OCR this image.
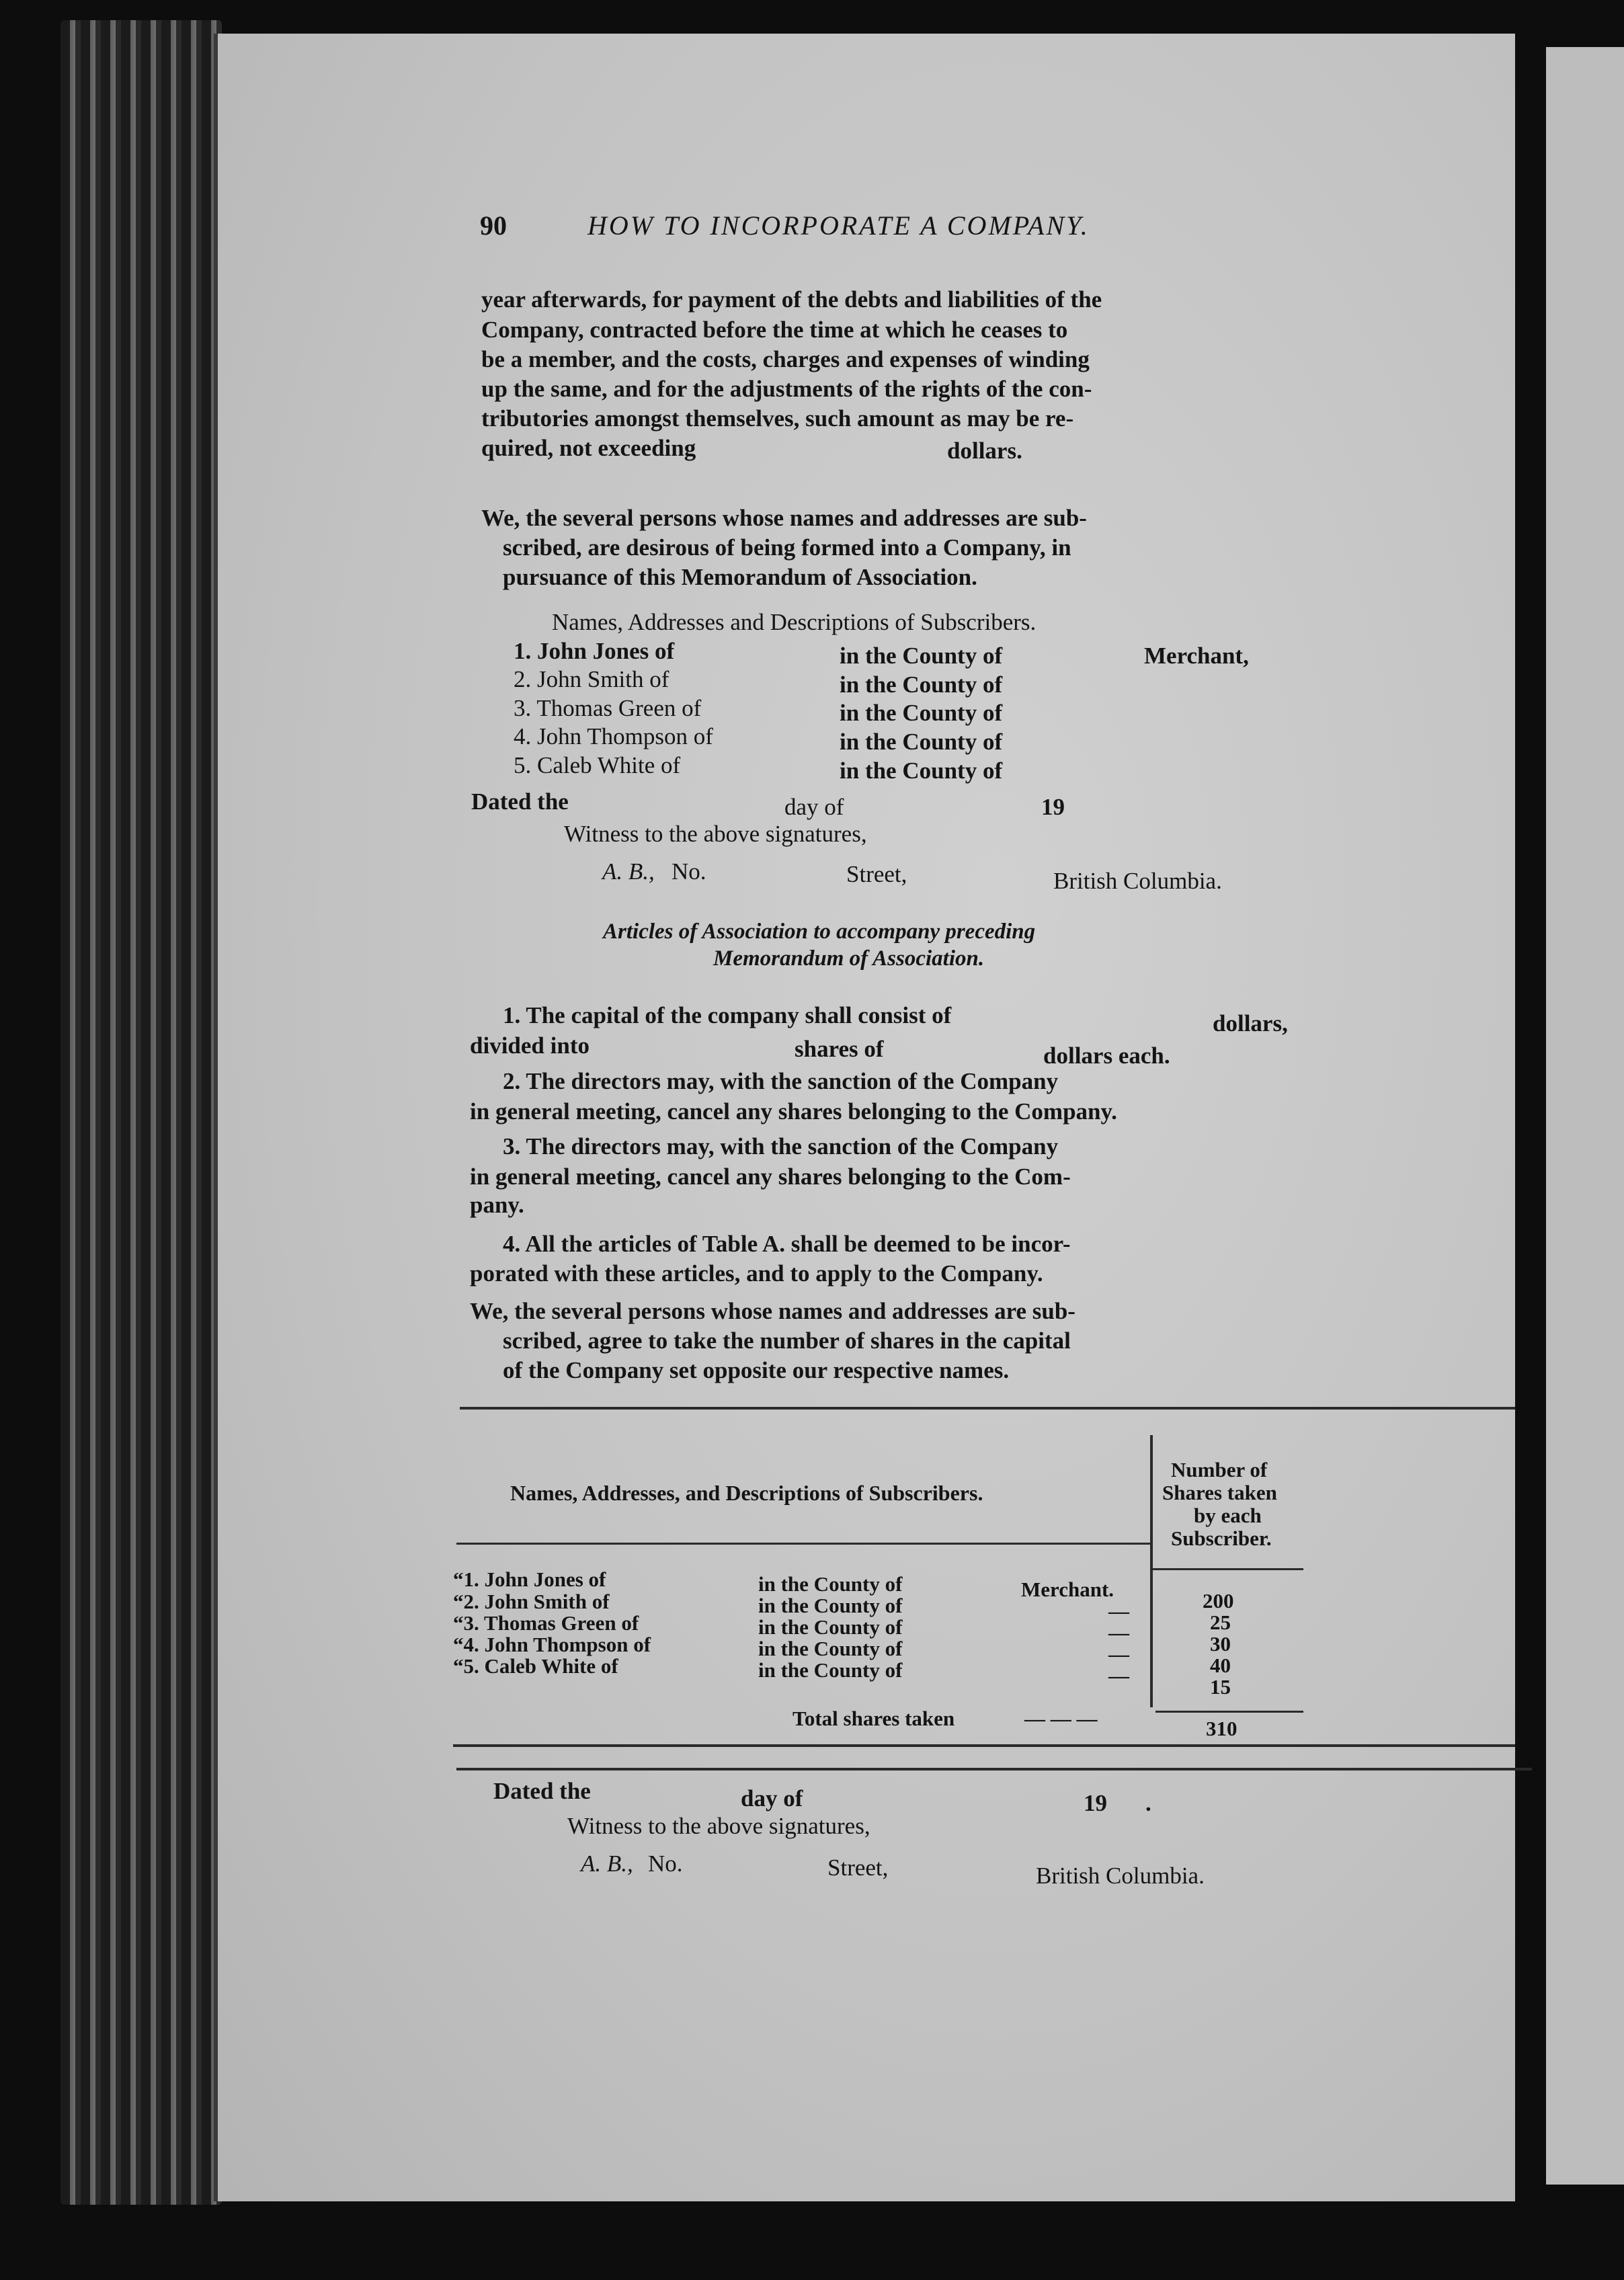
90	HOW TO INCORPORATE A COMPANY.
year afterwards, for payment of the debts and liabilities of the
Company, contracted before the time at which he ceases to
be a member, and the costs, charges and expenses of winding
up the same, and for the adjustments of the rights of the con-
tributories amongst themselves, such amount as may be re-
quired, not exceeding	dollars.
We, the several persons whose names and addresses are sub-
scribed, are desirous of being formed into a Company, in
pursuance of this Memorandum of Association.
Names, Addresses and Descriptions of Subscribers.
1. John Jones of	in the County of	Merchant,
2. John Smith of	in the County of
3. Thomas Green of	in the County of
4. John Thompson of	in the County of
5. Caleb White of	in the County of
Dated the	day of	19
Witness to the above signatures,
A. B., No.	Street,	British Columbia.
Articles of Association to accompany preceding
Memorandum of Association.
1. The capital of the company shall consist of	dollars,
divided into	shares of	dollars each.
2. The directors may, with the sanction of the Company
in general meeting, cancel any shares belonging to the Company.
3. The directors may, with the sanction of the Company
in general meeting, cancel any shares belonging to the Com-
pany.
4. All the articles of Table A. shall be deemed to be incor-
porated with these articles, and to apply to the Company.
We, the several persons whose names and addresses are sub-
scribed, agree to take the number of shares in the capital
of the Company set opposite our respective names.
Names, Addresses, and Descriptions of Subscribers.
Number of
Shares taken
by each
Subscriber.
“1. John Jones of	in the County of	Merchant.	200
“2. John Smith of	in the County of	—	25
“3. Thomas Green of	in the County of	—	30
“4. John Thompson of	in the County of	—	40
“5. Caleb White of	in the County of	—	15
Total shares taken	— — —	310
Dated the	day of	19 .
Witness to the above signatures,
A. B., No.	Street,	British Columbia.
